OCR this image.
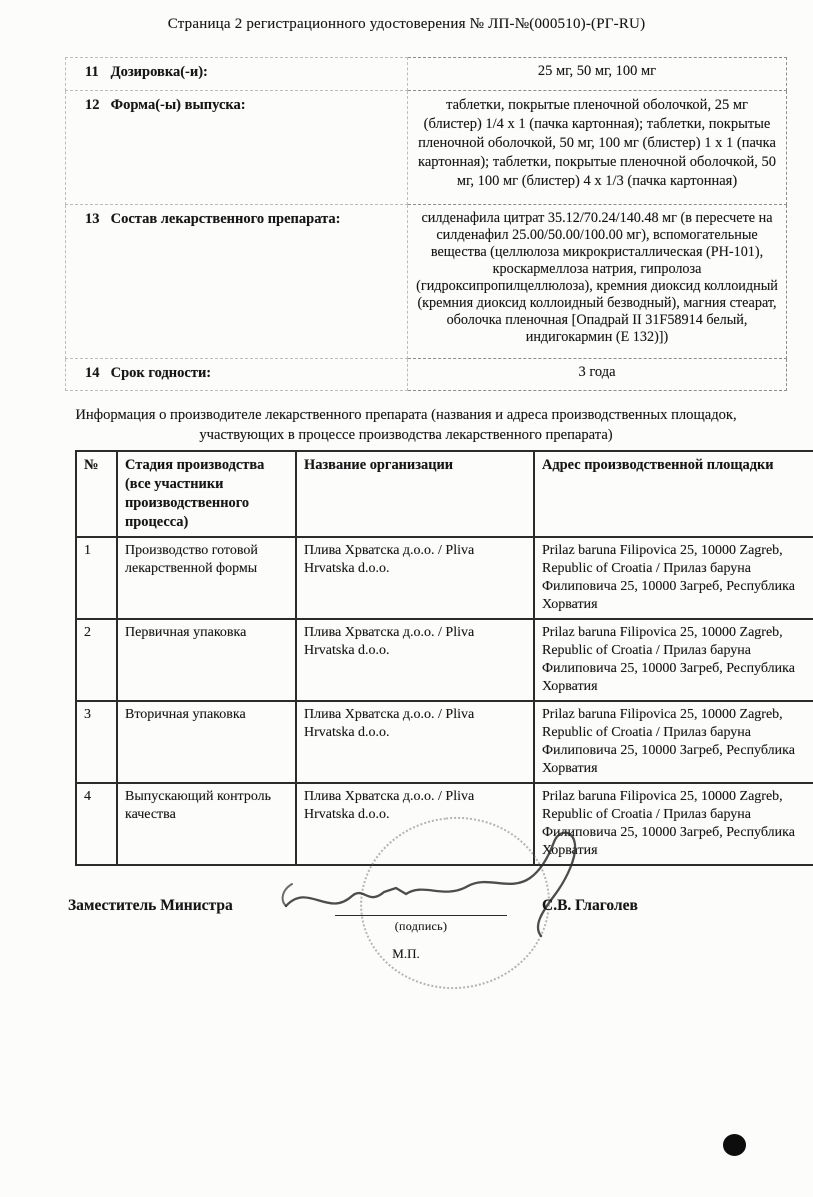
Страница 2 регистрационного удостоверения № ЛП-№(000510)-(РГ-RU)
11 Дозировка(-и):	25 мг, 50 мг, 100 мг
12 Форма(-ы) выпуска:	таблетки, покрытые пленочной оболочкой, 25 мг (блистер) 1/4 х 1 (пачка картонная); таблетки, покрытые пленочной оболочкой, 50 мг, 100 мг (блистер) 1 х 1 (пачка картонная); таблетки, покрытые пленочной оболочкой, 50 мг, 100 мг (блистер) 4 х 1/3 (пачка картонная)
13 Состав лекарственного препарата:	силденафила цитрат 35.12/70.24/140.48 мг (в пересчете на силденафил 25.00/50.00/100.00 мг), вспомогательные вещества (целлюлоза микрокристаллическая (РН-101), кроскармеллоза натрия, гипролоза (гидроксипропилцеллюлоза), кремния диоксид коллоидный (кремния диоксид коллоидный безводный), магния стеарат, оболочка пленочная [Опадрай II 31F58914 белый, индигокармин (Е 132)])
14 Срок годности:	3 года
Информация о производителе лекарственного препарата (названия и адреса производственных площадок, участвующих в процессе производства лекарственного препарата)
№	Стадия производства (все участники производственного процесса)	Название организации	Адрес производственной площадки
1	Производство готовой лекарственной формы	Плива Хрватска д.о.о. / Pliva Hrvatska d.o.o.	Prilaz baruna Filipovica 25, 10000 Zagreb, Republic of Croatia / Прилаз баруна Филиповича 25, 10000 Загреб, Республика Хорватия
2	Первичная упаковка	Плива Хрватска д.о.о. / Pliva Hrvatska d.o.o.	Prilaz baruna Filipovica 25, 10000 Zagreb, Republic of Croatia / Прилаз баруна Филиповича 25, 10000 Загреб, Республика Хорватия
3	Вторичная упаковка	Плива Хрватска д.о.о. / Pliva Hrvatska d.o.o.	Prilaz baruna Filipovica 25, 10000 Zagreb, Republic of Croatia / Прилаз баруна Филиповича 25, 10000 Загреб, Республика Хорватия
4	Выпускающий контроль качества	Плива Хрватска д.о.о. / Pliva Hrvatska d.o.o.	Prilaz baruna Filipovica 25, 10000 Zagreb, Republic of Croatia / Прилаз баруна Филиповича 25, 10000 Загреб, Республика Хорватия
Заместитель Министра
(подпись)
М.П.
С.В. Глаголев
